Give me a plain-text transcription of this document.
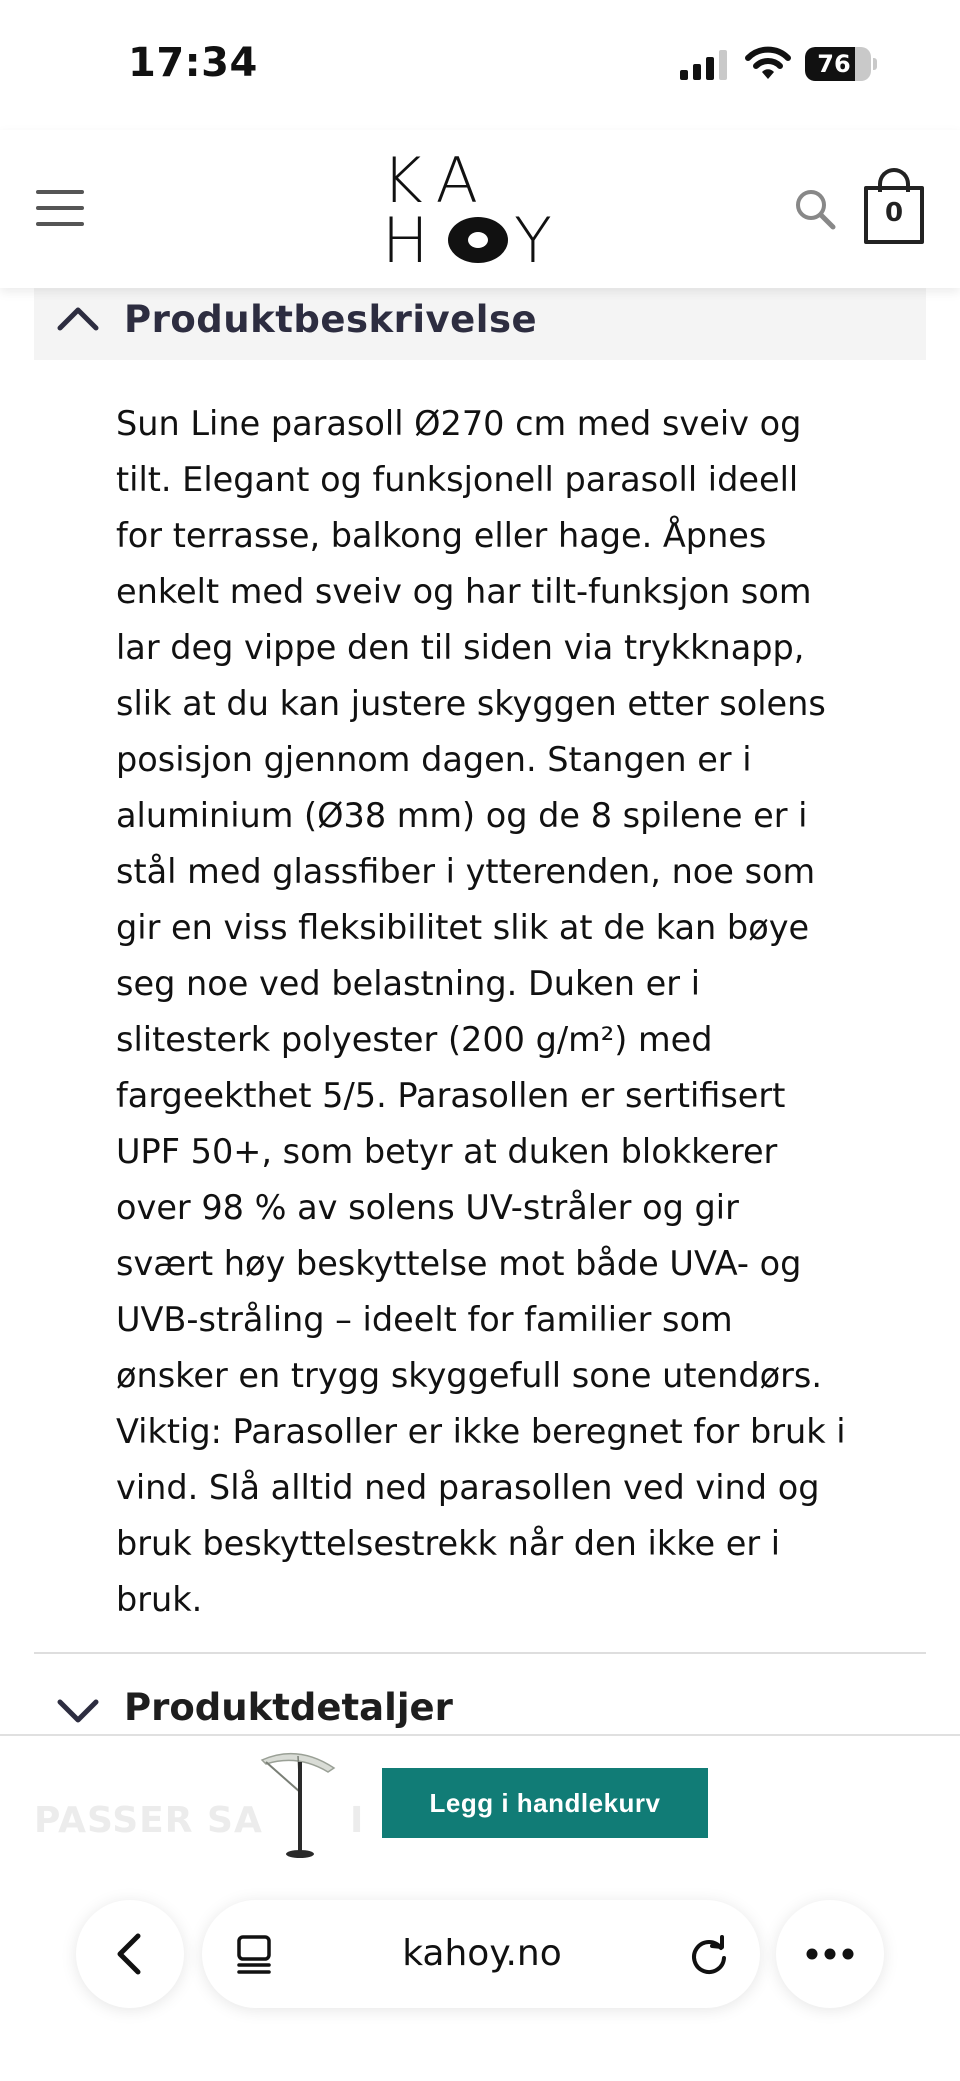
17:34	76
KA
H Y	0
Produktbeskrivelse
Sun Line parasoll Ø270 cm med sveiv og tilt. Elegant og funksjonell parasoll ideell for terrasse, balkong eller hage. Åpnes enkelt med sveiv og har tilt-funksjon som lar deg vippe den til siden via trykknapp, slik at du kan justere skyggen etter solens posisjon gjennom dagen. Stangen er i aluminium (Ø38 mm) og de 8 spilene er i stål med glassfiber i ytterenden, noe som gir en viss fleksibilitet slik at de kan bøye seg noe ved belastning. Duken er i slitesterk polyester (200 g/m²) med fargeekthet 5/5. Parasollen er sertifisert UPF 50+, som betyr at duken blokkerer over 98 % av solens UV-stråler og gir svært høy beskyttelse mot både UVA- og UVB-stråling – ideelt for familier som ønsker en trygg skyggefull sone utendørs. Viktig: Parasoller er ikke beregnet for bruk i vind. Slå alltid ned parasollen ved vind og bruk beskyttelsestrekk når den ikke er i bruk.
Produktdetaljer
PASSER SA I	Legg i handlekurv
kahoy.no
